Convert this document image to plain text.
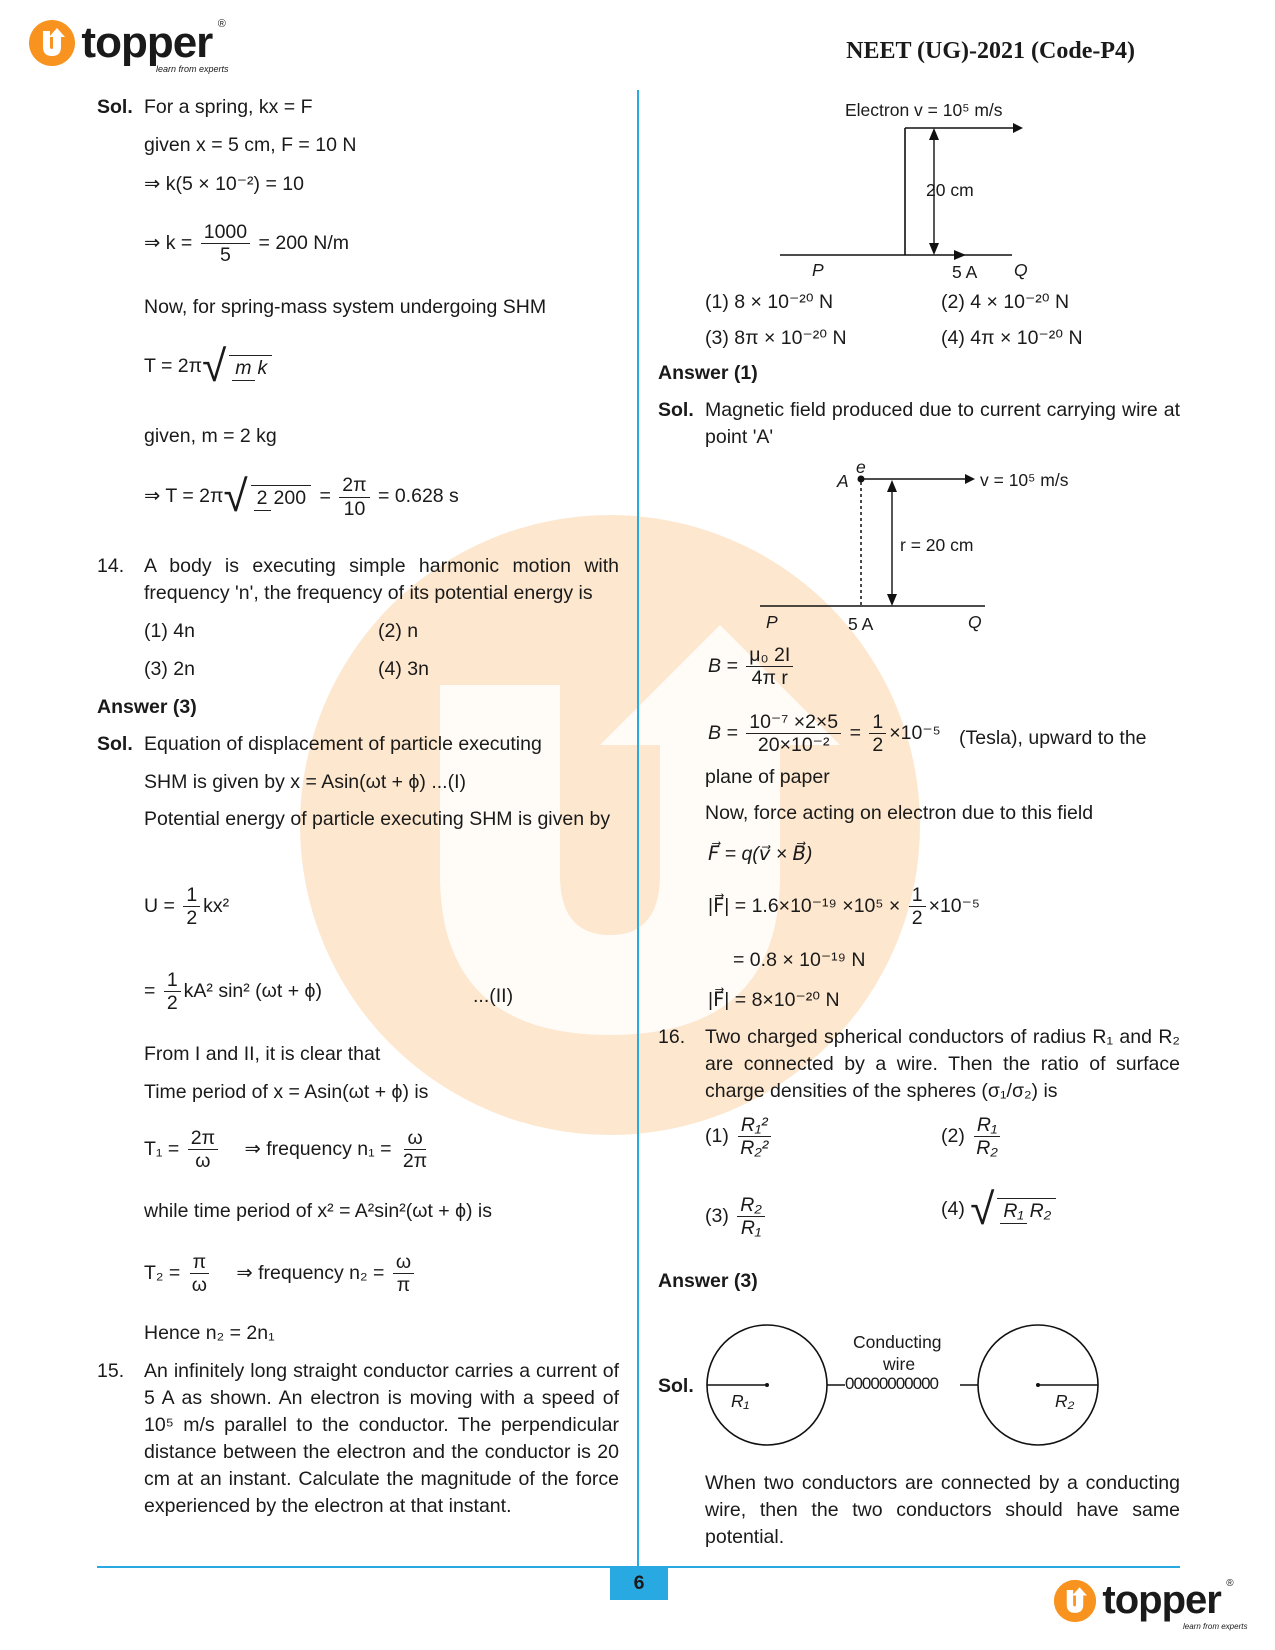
topper ®
learn from experts
NEET (UG)-2021 (Code-P4)
Sol. For a spring, kx = F
given x = 5 cm, F = 10 N
⇒ k(5 × 10⁻²) = 10
⇒ $k = \frac{1000}{5} = 200$ N/m
Now, for spring-mass system undergoing SHM
T = 2π√ m k
given, m = 2 kg
⇒ T = 2π√ 2 $200 = \frac{2\pi}{10} = 0.628$ s
14. A body is executing simple harmonic motion with frequency 'n', the frequency of its potential energy is
(1) 4n	(2) n
(3) 2n	(4) 3n
Answer (3)
Sol. Equation of displacement of particle executing
SHM is given by x = Asin(ωt + ϕ) ...(I)
Potential energy of particle executing SHM is given by
$U = \frac{1}{2} kx^2$
= $\frac{1}{2} kA^2$ sin² (ωt + ϕ)	...(II)
From I and II, it is clear that
Time period of x = Asin(ωt + ϕ) is
$T_1 = \frac{2\pi}{\omega}$ ⇒ frequency $n_1 = \frac{\omega}{2\pi}$
while time period of x² = A²sin²(ωt + ϕ) is
$T_2 = \frac{\pi}{\omega}$ ⇒ frequency $n_2 = \frac{\omega}{\pi}$
Hence n₂ = 2n₁
15. An infinitely long straight conductor carries a current of 5 A as shown. An electron is moving with a speed of 10⁵ m/s parallel to the conductor. The perpendicular distance between the electron and the conductor is 20 cm at an instant. Calculate the magnitude of the force experienced by the electron at that instant.
Electron v = 10⁵ m/s
20 cm
P	5 A Q
(1) 8 × 10⁻²⁰ N	(2) 4 × 10⁻²⁰ N
(3) 8π × 10⁻²⁰ N	(4) 4π × 10⁻²⁰ N
Answer (1)
Sol. Magnetic field produced due to current carrying wire at point 'A'
e
A	v = 10⁵ m/s
r = 20 cm
P	5 A	Q
$B = \frac{\text{μ₀ 2I}}{\text{4π r}}$
$B = \frac{\text{10⁻⁷ ×2×5}}{\text{20×10⁻²}} = \frac{1}{2} \times 10^{-5}$ (Tesla), upward to the
plane of paper
Now, force acting on electron due to this field
F⃗ = q(v⃗ × B⃗)
|F⃗| = $1.6\times 10^{-19} \times 10^5 \times \frac{1}{2} \times 10^{-5}$
= 0.8 × 10⁻¹⁹ N
|F⃗| = 8×10⁻²⁰ N
16. Two charged spherical conductors of radius R₁ and R₂ are connected by a wire. Then the ratio of surface charge densities of the spheres (σ₁/σ₂) is
$(1) \frac{\text{R₁²}}{\text{R₂²}}$	$(2) \frac{\text{R₁}}{\text{R₂}}$
$(3) \frac{\text{R₂}}{\text{R₁}}$	(4) √ R₁ R₂
Answer (3)
Sol.
Conducting
wire
00000000000
R₁	R₂
When two conductors are connected by a conducting wire, then the two conductors should have same potential.
6	topper ®
learn from experts
